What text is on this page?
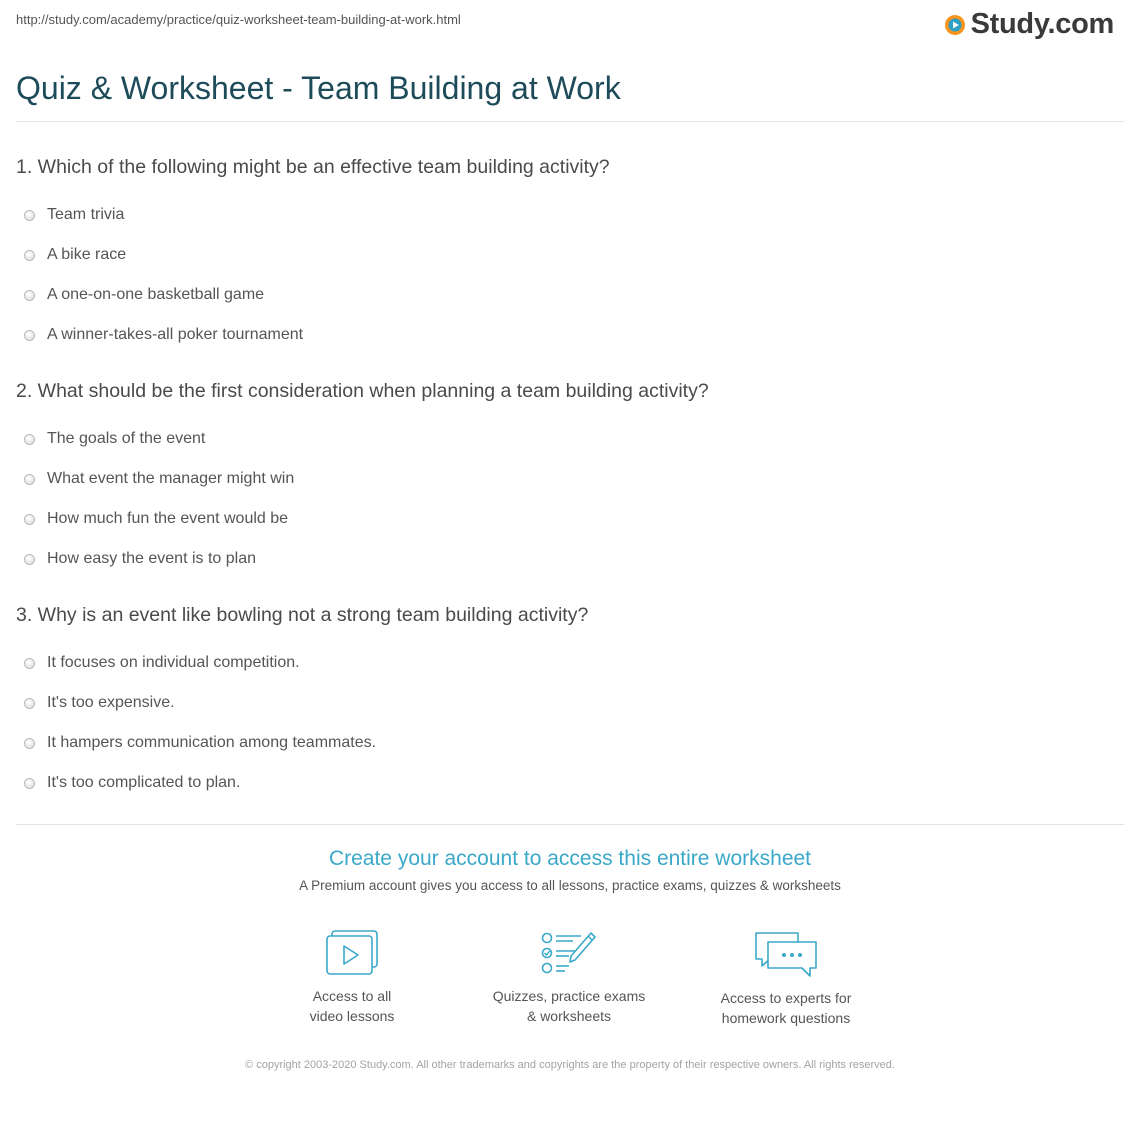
http://study.com/academy/practice/quiz-worksheet-team-building-at-work.html	Study.com
Quiz & Worksheet - Team Building at Work
1. Which of the following might be an effective team building activity?
Team trivia
A bike race
A one-on-one basketball game
A winner-takes-all poker tournament
2. What should be the first consideration when planning a team building activity?
The goals of the event
What event the manager might win
How much fun the event would be
How easy the event is to plan
3. Why is an event like bowling not a strong team building activity?
It focuses on individual competition.
It's too expensive.
It hampers communication among teammates.
It's too complicated to plan.
Create your account to access this entire worksheet
A Premium account gives you access to all lessons, practice exams, quizzes & worksheets
Access to all
video lessons
Quizzes, practice exams
& worksheets
Access to experts for
homework questions
© copyright 2003-2020 Study.com. All other trademarks and copyrights are the property of their respective owners. All rights reserved.
